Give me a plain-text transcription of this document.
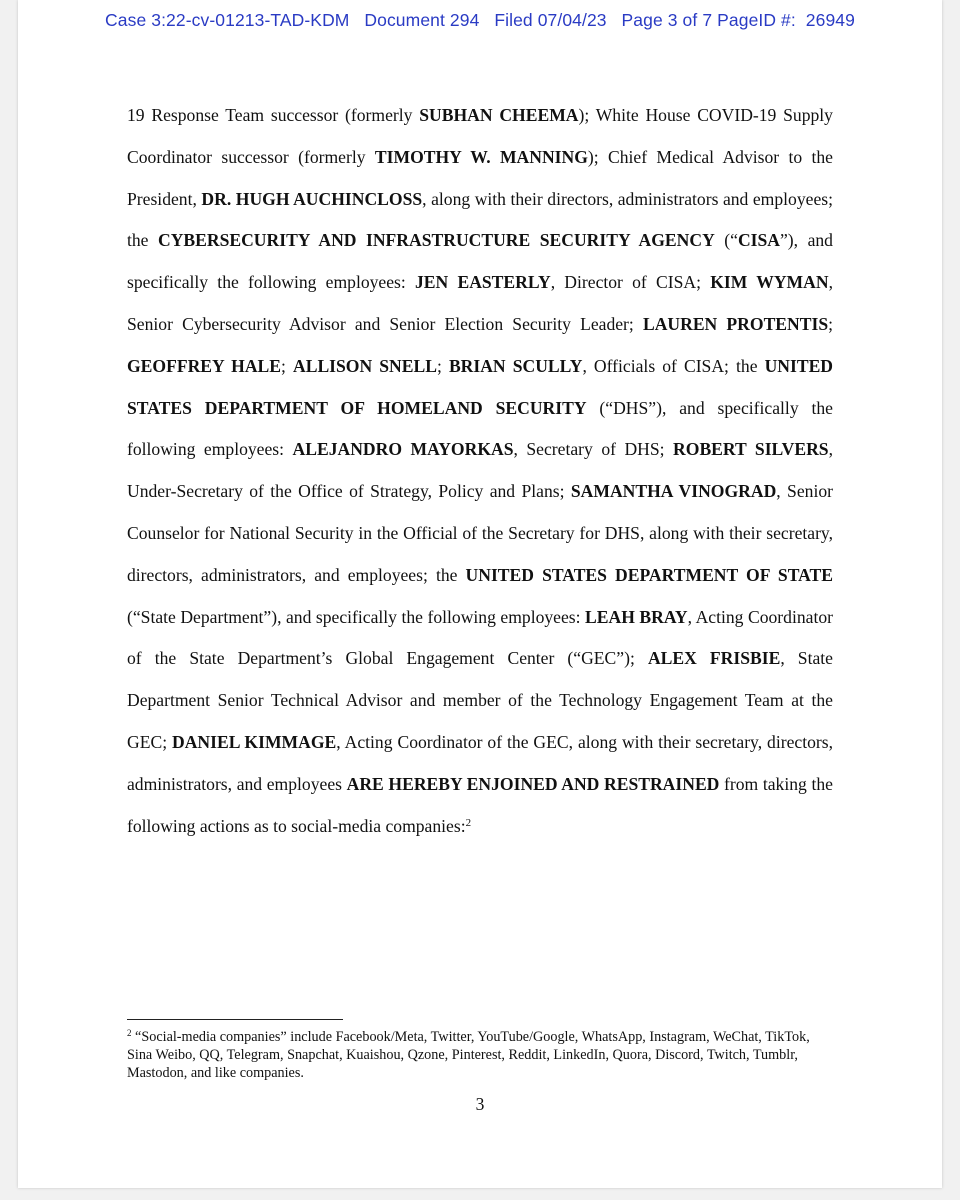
Case 3:22-cv-01213-TAD-KDM Document 294 Filed 07/04/23 Page 3 of 7 PageID #:  26949
19 Response Team successor (formerly SUBHAN CHEEMA); White House COVID-19 Supply Coordinator successor (formerly TIMOTHY W. MANNING); Chief Medical Advisor to the President, DR. HUGH AUCHINCLOSS, along with their directors, administrators and employees; the CYBERSECURITY AND INFRASTRUCTURE SECURITY AGENCY (“CISA”), and specifically the following employees: JEN EASTERLY, Director of CISA; KIM WYMAN, Senior Cybersecurity Advisor and Senior Election Security Leader; LAUREN PROTENTIS; GEOFFREY HALE; ALLISON SNELL; BRIAN SCULLY, Officials of CISA; the UNITED STATES DEPARTMENT OF HOMELAND SECURITY (“DHS”), and specifically the following employees: ALEJANDRO MAYORKAS, Secretary of DHS; ROBERT SILVERS, Under-Secretary of the Office of Strategy, Policy and Plans; SAMANTHA VINOGRAD, Senior Counselor for National Security in the Official of the Secretary for DHS, along with their secretary, directors, administrators, and employees; the UNITED STATES DEPARTMENT OF STATE (“State Department”), and specifically the following employees: LEAH BRAY, Acting Coordinator of the State Department’s Global Engagement Center (“GEC”); ALEX FRISBIE, State Department Senior Technical Advisor and member of the Technology Engagement Team at the GEC; DANIEL KIMMAGE, Acting Coordinator of the GEC, along with their secretary, directors, administrators, and employees ARE HEREBY ENJOINED AND RESTRAINED from taking the following actions as to social-media companies:$^2$
$^2$ “Social-media companies” include Facebook/Meta, Twitter, YouTube/Google, WhatsApp, Instagram, WeChat, TikTok, Sina Weibo, QQ, Telegram, Snapchat, Kuaishou, Qzone, Pinterest, Reddit, LinkedIn, Quora, Discord, Twitch, Tumblr, Mastodon, and like companies.
3
